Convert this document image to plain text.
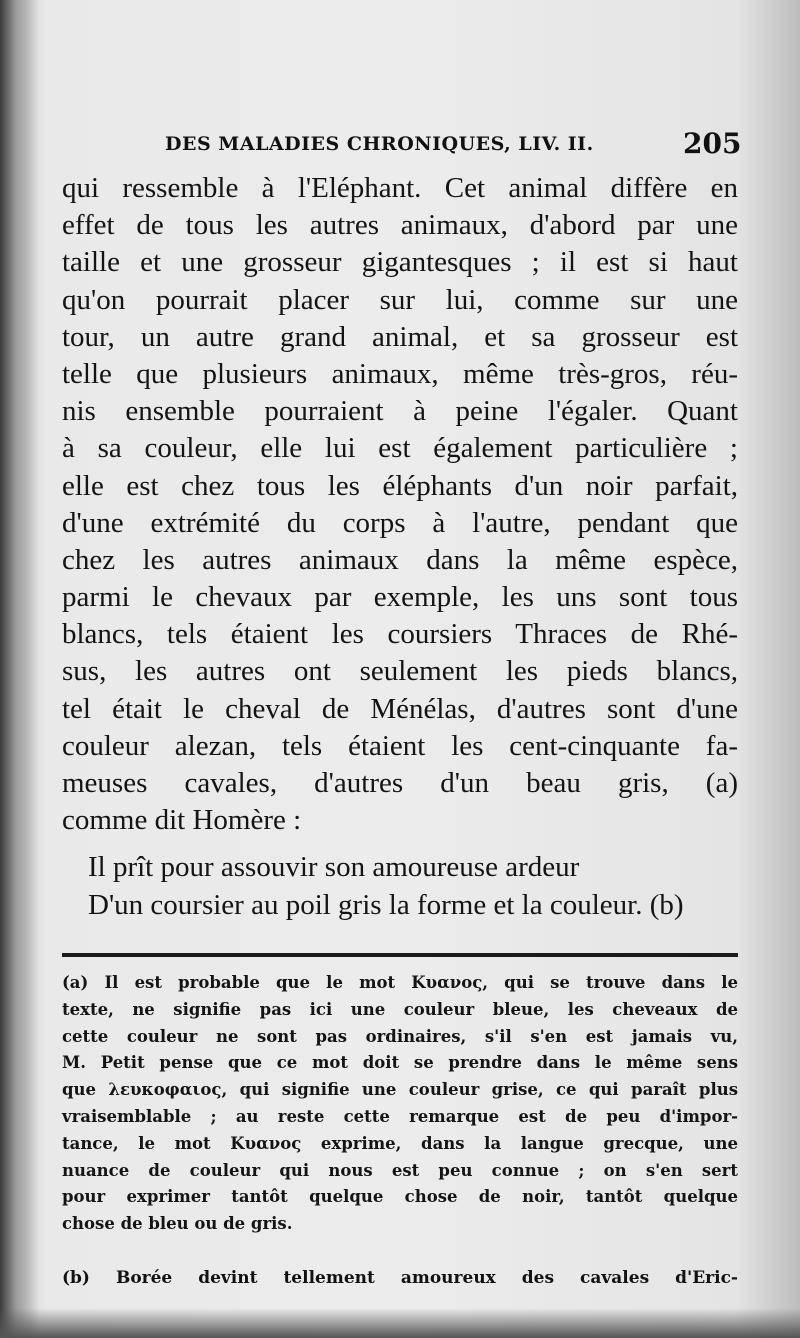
DES MALADIES CHRONIQUES, LIV. II.	205
qui ressemble à l'Eléphant. Cet animal diffère en
effet de tous les autres animaux, d'abord par une
taille et une grosseur gigantesques ; il est si haut
qu'on pourrait placer sur lui, comme sur une
tour, un autre grand animal, et sa grosseur est
telle que plusieurs animaux, même très-gros, réu-
nis ensemble pourraient à peine l'égaler. Quant
à sa couleur, elle lui est également particulière ;
elle est chez tous les éléphants d'un noir parfait,
d'une extrémité du corps à l'autre, pendant que
chez les autres animaux dans la même espèce,
parmi le chevaux par exemple, les uns sont tous
blancs, tels étaient les coursiers Thraces de Rhé-
sus, les autres ont seulement les pieds blancs,
tel était le cheval de Ménélas, d'autres sont d'une
couleur alezan, tels étaient les cent-cinquante fa-
meuses cavales, d'autres d'un beau gris, (a)
comme dit Homère :
Il prît pour assouvir son amoureuse ardeur
D'un coursier au poil gris la forme et la couleur. (b)
(a) Il est probable que le mot Κυανος, qui se trouve dans le
texte, ne signifie pas ici une couleur bleue, les cheveaux de
cette couleur ne sont pas ordinaires, s'il s'en est jamais vu,
M. Petit pense que ce mot doit se prendre dans le même sens
que λευκοφαιος, qui signifie une couleur grise, ce qui paraît plus
vraisemblable ; au reste cette remarque est de peu d'impor-
tance, le mot Κυανος exprime, dans la langue grecque, une
nuance de couleur qui nous est peu connue ; on s'en sert
pour exprimer tantôt quelque chose de noir, tantôt quelque
chose de bleu ou de gris.
(b) Borée devint tellement amoureux des cavales d'Eric-
